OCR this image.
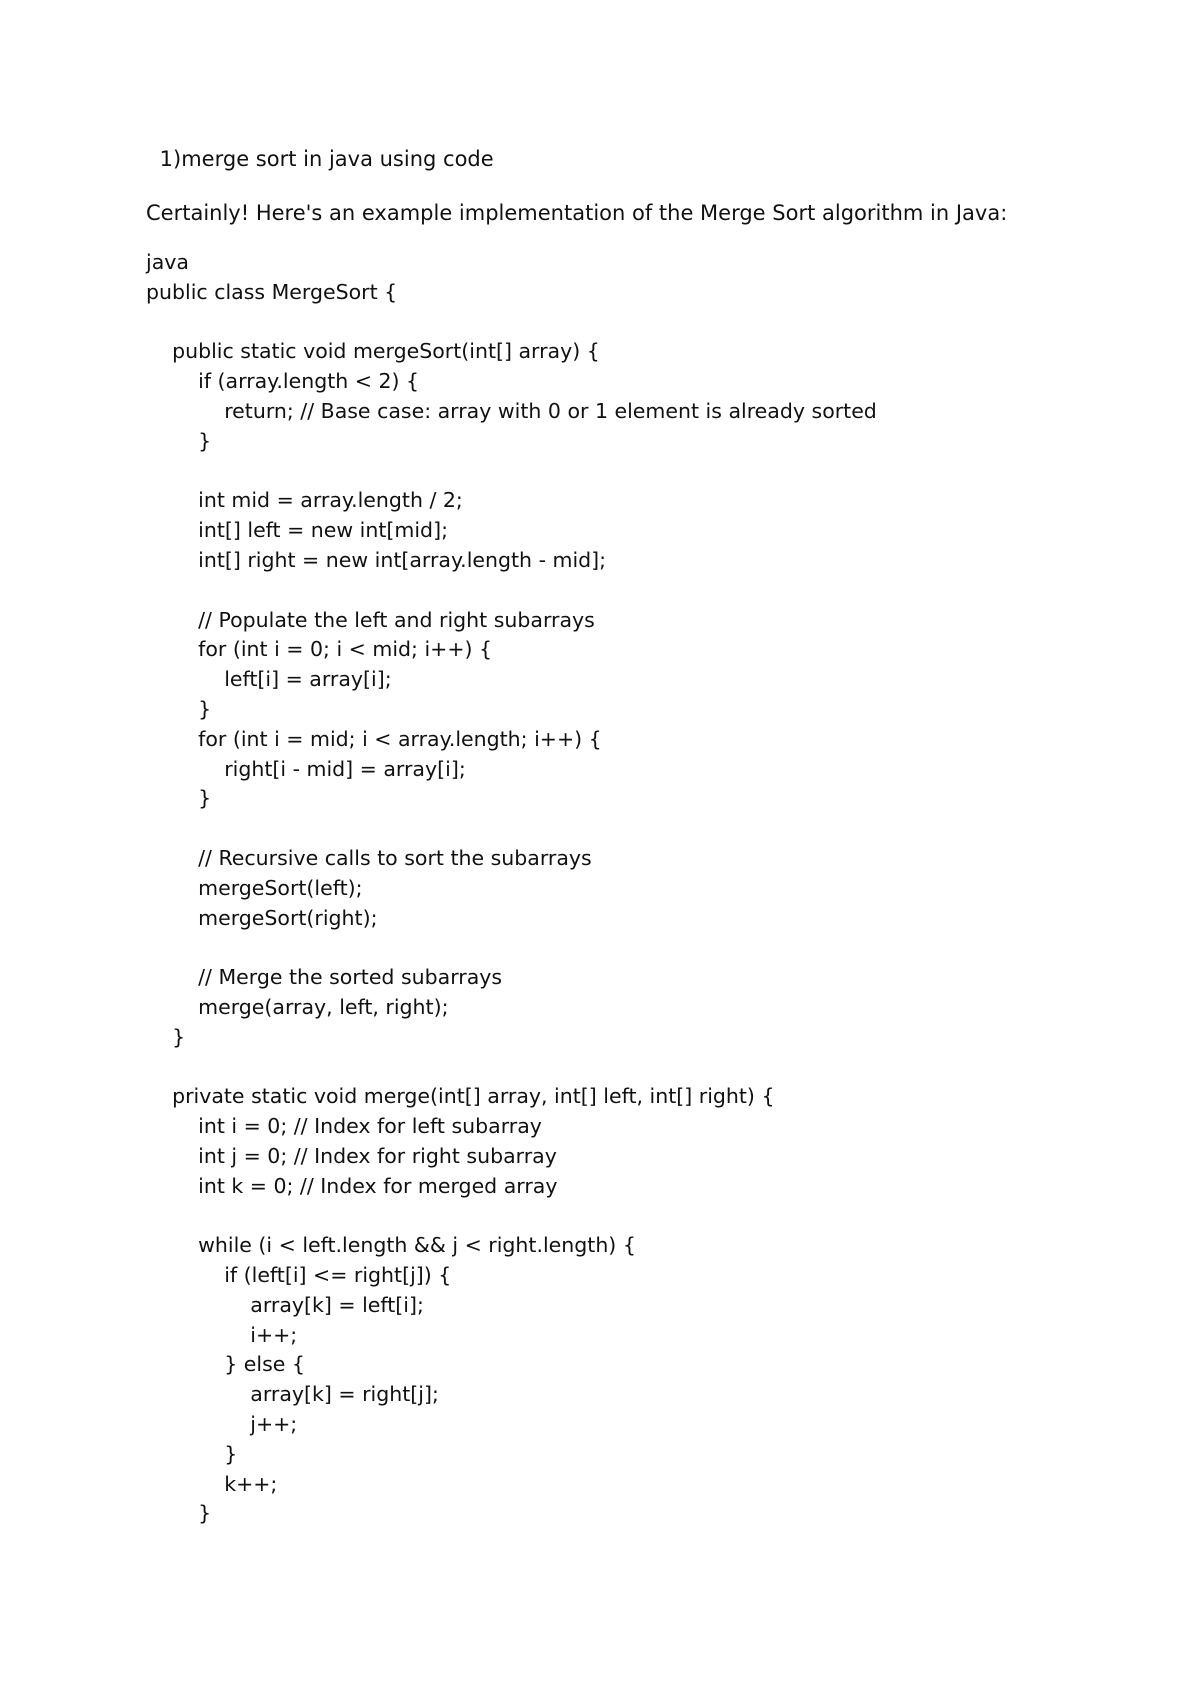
1)merge sort in java using code
Certainly! Here's an example implementation of the Merge Sort algorithm in Java:
java
public class MergeSort {
public static void mergeSort(int[] array) {
if (array.length < 2) {
return; // Base case: array with 0 or 1 element is already sorted
}
int mid = array.length / 2;
int[] left = new int[mid];
int[] right = new int[array.length - mid];
// Populate the left and right subarrays
for (int i = 0; i < mid; i++) {
left[i] = array[i];
}
for (int i = mid; i < array.length; i++) {
right[i - mid] = array[i];
}
// Recursive calls to sort the subarrays
mergeSort(left);
mergeSort(right);
// Merge the sorted subarrays
merge(array, left, right);
}
private static void merge(int[] array, int[] left, int[] right) {
int i = 0; // Index for left subarray
int j = 0; // Index for right subarray
int k = 0; // Index for merged array
while (i < left.length && j < right.length) {
if (left[i] <= right[j]) {
array[k] = left[i];
i++;
} else {
array[k] = right[j];
j++;
}
k++;
}
